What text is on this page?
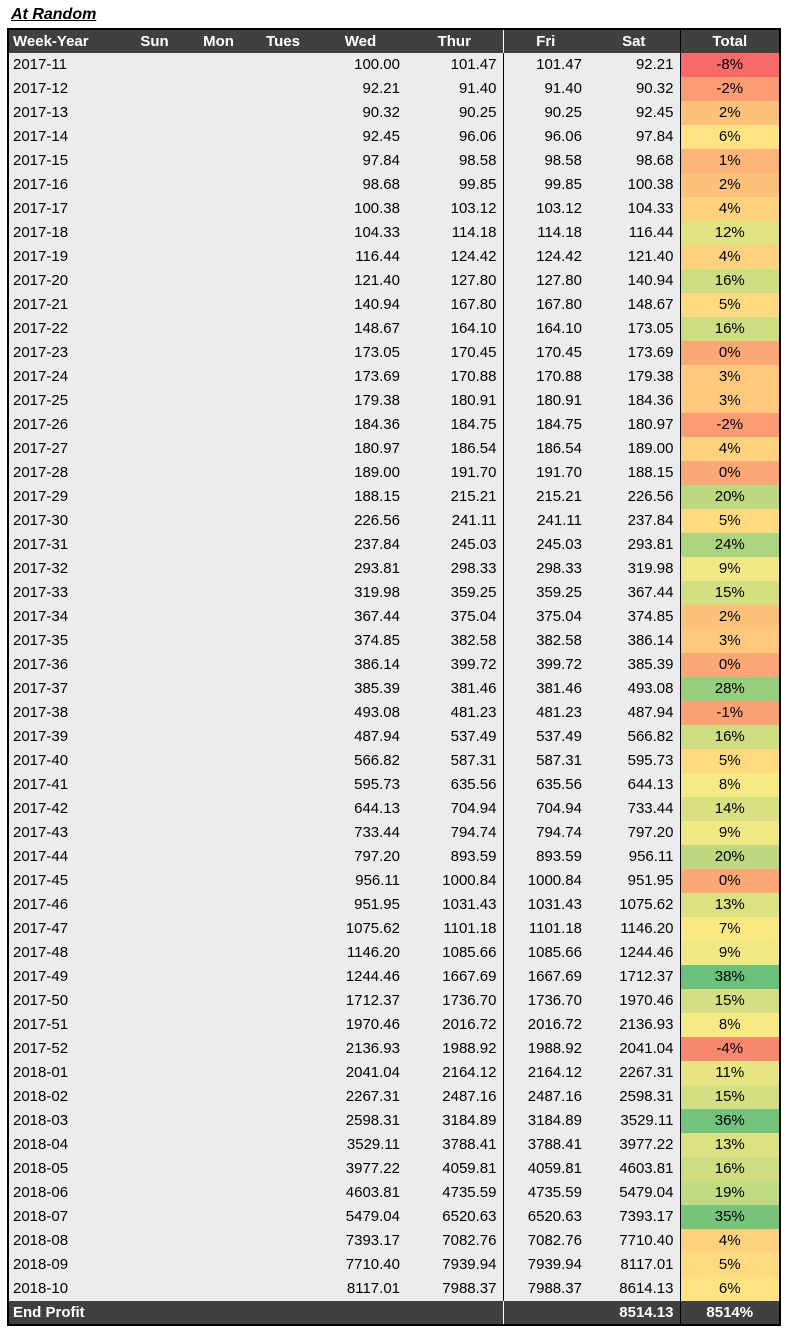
At Random
Week-Year	Sun	Mon	Tues	Wed	Thur	Fri	Sat	Total
2017-11				100.00	101.47	101.47	92.21	-8%
2017-12				92.21	91.40	91.40	90.32	-2%
2017-13				90.32	90.25	90.25	92.45	2%
2017-14				92.45	96.06	96.06	97.84	6%
2017-15				97.84	98.58	98.58	98.68	1%
2017-16				98.68	99.85	99.85	100.38	2%
2017-17				100.38	103.12	103.12	104.33	4%
2017-18				104.33	114.18	114.18	116.44	12%
2017-19				116.44	124.42	124.42	121.40	4%
2017-20				121.40	127.80	127.80	140.94	16%
2017-21				140.94	167.80	167.80	148.67	5%
2017-22				148.67	164.10	164.10	173.05	16%
2017-23				173.05	170.45	170.45	173.69	0%
2017-24				173.69	170.88	170.88	179.38	3%
2017-25				179.38	180.91	180.91	184.36	3%
2017-26				184.36	184.75	184.75	180.97	-2%
2017-27				180.97	186.54	186.54	189.00	4%
2017-28				189.00	191.70	191.70	188.15	0%
2017-29				188.15	215.21	215.21	226.56	20%
2017-30				226.56	241.11	241.11	237.84	5%
2017-31				237.84	245.03	245.03	293.81	24%
2017-32				293.81	298.33	298.33	319.98	9%
2017-33				319.98	359.25	359.25	367.44	15%
2017-34				367.44	375.04	375.04	374.85	2%
2017-35				374.85	382.58	382.58	386.14	3%
2017-36				386.14	399.72	399.72	385.39	0%
2017-37				385.39	381.46	381.46	493.08	28%
2017-38				493.08	481.23	481.23	487.94	-1%
2017-39				487.94	537.49	537.49	566.82	16%
2017-40				566.82	587.31	587.31	595.73	5%
2017-41				595.73	635.56	635.56	644.13	8%
2017-42				644.13	704.94	704.94	733.44	14%
2017-43				733.44	794.74	794.74	797.20	9%
2017-44				797.20	893.59	893.59	956.11	20%
2017-45				956.11	1000.84	1000.84	951.95	0%
2017-46				951.95	1031.43	1031.43	1075.62	13%
2017-47				1075.62	1101.18	1101.18	1146.20	7%
2017-48				1146.20	1085.66	1085.66	1244.46	9%
2017-49				1244.46	1667.69	1667.69	1712.37	38%
2017-50				1712.37	1736.70	1736.70	1970.46	15%
2017-51				1970.46	2016.72	2016.72	2136.93	8%
2017-52				2136.93	1988.92	1988.92	2041.04	-4%
2018-01				2041.04	2164.12	2164.12	2267.31	11%
2018-02				2267.31	2487.16	2487.16	2598.31	15%
2018-03				2598.31	3184.89	3184.89	3529.11	36%
2018-04				3529.11	3788.41	3788.41	3977.22	13%
2018-05				3977.22	4059.81	4059.81	4603.81	16%
2018-06				4603.81	4735.59	4735.59	5479.04	19%
2018-07				5479.04	6520.63	6520.63	7393.17	35%
2018-08				7393.17	7082.76	7082.76	7710.40	4%
2018-09				7710.40	7939.94	7939.94	8117.01	5%
2018-10				8117.01	7988.37	7988.37	8614.13	6%
End Profit							8514.13	8514%
